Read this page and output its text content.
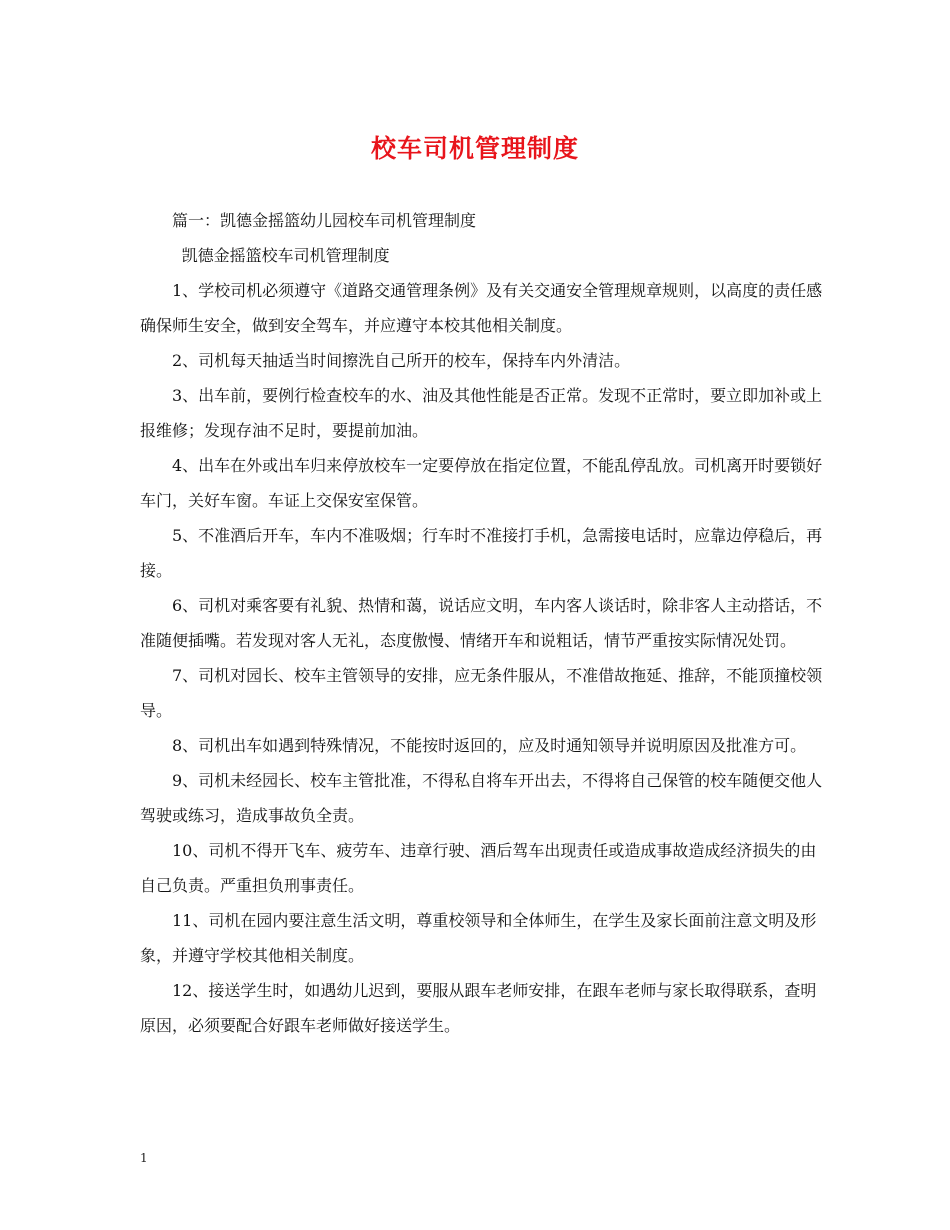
校车司机管理制度

篇一：凯德金摇篮幼儿园校车司机管理制度

凯德金摇篮校车司机管理制度

1、学校司机必须遵守《道路交通管理条例》及有关交通安全管理规章规则，以高度的责任感确保师生安全，做到安全驾车，并应遵守本校其他相关制度。

2、司机每天抽适当时间擦洗自己所开的校车，保持车内外清洁。

3、出车前，要例行检查校车的水、油及其他性能是否正常。发现不正常时，要立即加补或上报维修；发现存油不足时，要提前加油。

4、出车在外或出车归来停放校车一定要停放在指定位置，不能乱停乱放。司机离开时要锁好车门，关好车窗。车证上交保安室保管。

5、不准酒后开车，车内不准吸烟；行车时不准接打手机，急需接电话时，应靠边停稳后，再接。

6、司机对乘客要有礼貌、热情和蔼，说话应文明，车内客人谈话时，除非客人主动搭话，不准随便插嘴。若发现对客人无礼，态度傲慢、情绪开车和说粗话，情节严重按实际情况处罚。

7、司机对园长、校车主管领导的安排，应无条件服从，不准借故拖延、推辞，不能顶撞校领导。

8、司机出车如遇到特殊情况，不能按时返回的，应及时通知领导并说明原因及批准方可。

9、司机未经园长、校车主管批准，不得私自将车开出去，不得将自己保管的校车随便交他人驾驶或练习，造成事故负全责。

10、司机不得开飞车、疲劳车、违章行驶、酒后驾车出现责任或造成事故造成经济损失的由自己负责。严重担负刑事责任。

11、司机在园内要注意生活文明，尊重校领导和全体师生，在学生及家长面前注意文明及形象，并遵守学校其他相关制度。

12、接送学生时，如遇幼儿迟到，要服从跟车老师安排，在跟车老师与家长取得联系，查明原因，必须要配合好跟车老师做好接送学生。

1
